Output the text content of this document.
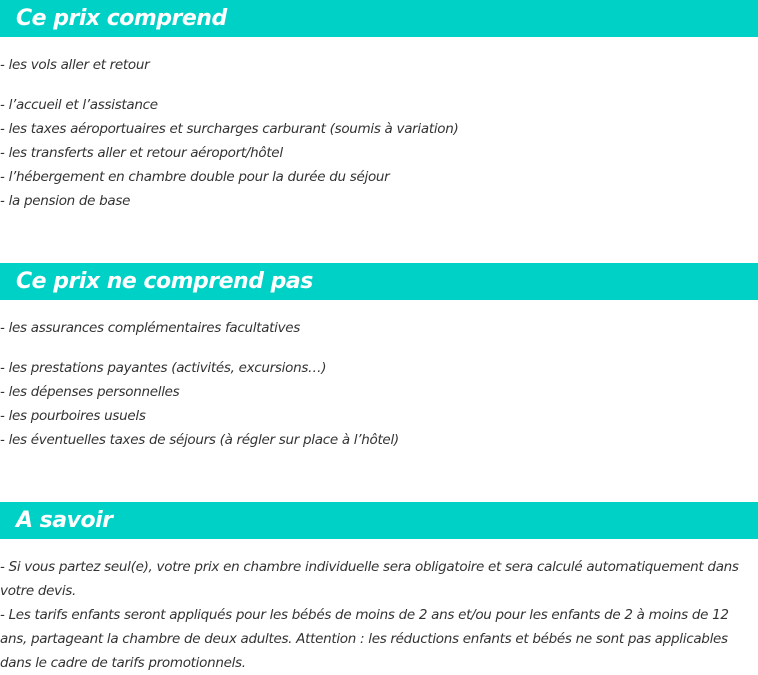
Ce prix comprend
- les vols aller et retour
- l’accueil et l’assistance
- les taxes aéroportuaires et surcharges carburant (soumis à variation)
- les transferts aller et retour aéroport/hôtel
- l’hébergement en chambre double pour la durée du séjour
- la pension de base
Ce prix ne comprend pas
- les assurances complémentaires facultatives
- les prestations payantes (activités, excursions…)
- les dépenses personnelles
- les pourboires usuels
- les éventuelles taxes de séjours (à régler sur place à l’hôtel)
A savoir

- Si vous partez seul(e), votre prix en chambre individuelle sera obligatoire et sera calculé automatiquement dans votre devis.

- Les tarifs enfants seront appliqués pour les bébés de moins de 2 ans et/ou pour les enfants de 2 à moins de 12 ans, partageant la chambre de deux adultes. Attention : les réductions enfants et bébés ne sont pas applicables dans le cadre de tarifs promotionnels.
